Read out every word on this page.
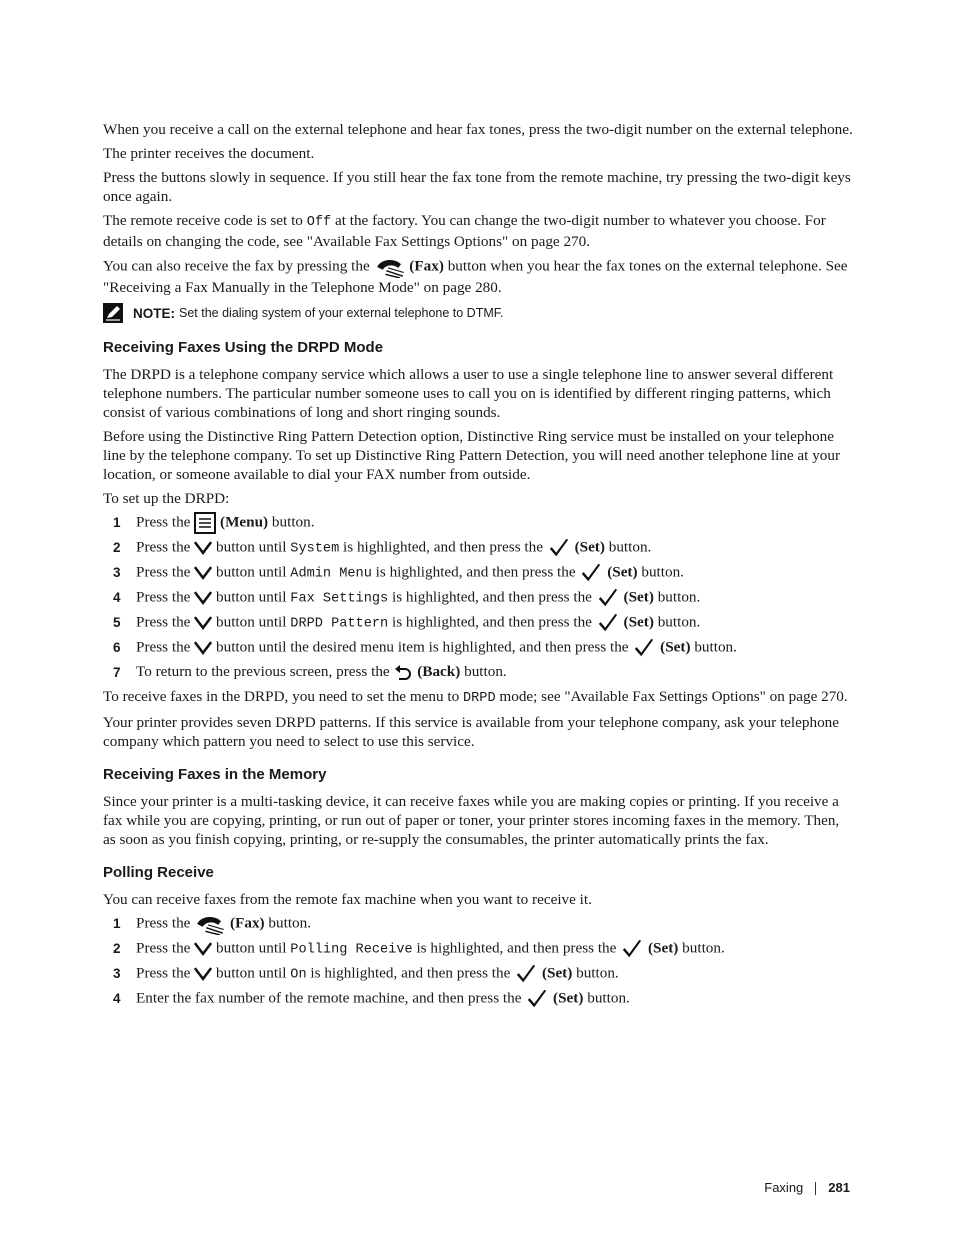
When you receive a call on the external telephone and hear fax tones, press the two-digit number on the external telephone.

The printer receives the document.

Press the buttons slowly in sequence. If you still hear the fax tone from the remote machine, try pressing the two-digit keys once again.

The remote receive code is set to Off at the factory. You can change the two-digit number to whatever you choose. For details on changing the code, see "Available Fax Settings Options" on page 270.

You can also receive the fax by pressing the  (Fax) button when you hear the fax tones on the external telephone. See "Receiving a Fax Manually in the Telephone Mode" on page 280.

NOTE: Set the dialing system of your external telephone to DTMF.
Receiving Faxes Using the DRPD Mode

The DRPD is a telephone company service which allows a user to use a single telephone line to answer several different telephone numbers. The particular number someone uses to call you on is identified by different ringing patterns, which consist of various combinations of long and short ringing sounds.

Before using the Distinctive Ring Pattern Detection option, Distinctive Ring service must be installed on your telephone line by the telephone company. To set up Distinctive Ring Pattern Detection, you will need another telephone line at your location, or someone available to dial your FAX number from outside.

To set up the DRPD:

1	Press the  (Menu) button.
2	Press the  button until System is highlighted, and then press the  (Set) button.
3	Press the  button until Admin Menu is highlighted, and then press the  (Set) button.
4	Press the  button until Fax Settings is highlighted, and then press the  (Set) button.
5	Press the  button until DRPD Pattern is highlighted, and then press the  (Set) button.
6	Press the  button until the desired menu item is highlighted, and then press the  (Set) button.
7	To return to the previous screen, press the  (Back) button.

To receive faxes in the DRPD, you need to set the menu to DRPD mode; see "Available Fax Settings Options" on page 270.

Your printer provides seven DRPD patterns. If this service is available from your telephone company, ask your telephone company which pattern you need to select to use this service.

Receiving Faxes in the Memory

Since your printer is a multi-tasking device, it can receive faxes while you are making copies or printing. If you receive a fax while you are copying, printing, or run out of paper or toner, your printer stores incoming faxes in the memory. Then, as soon as you finish copying, printing, or re-supply the consumables, the printer automatically prints the fax.

Polling Receive

You can receive faxes from the remote fax machine when you want to receive it.

1	Press the  (Fax) button.
2	Press the  button until Polling Receive is highlighted, and then press the  (Set) button.
3	Press the  button until On is highlighted, and then press the  (Set) button.
4	Enter the fax number of the remote machine, and then press the  (Set) button.
Faxing 281
